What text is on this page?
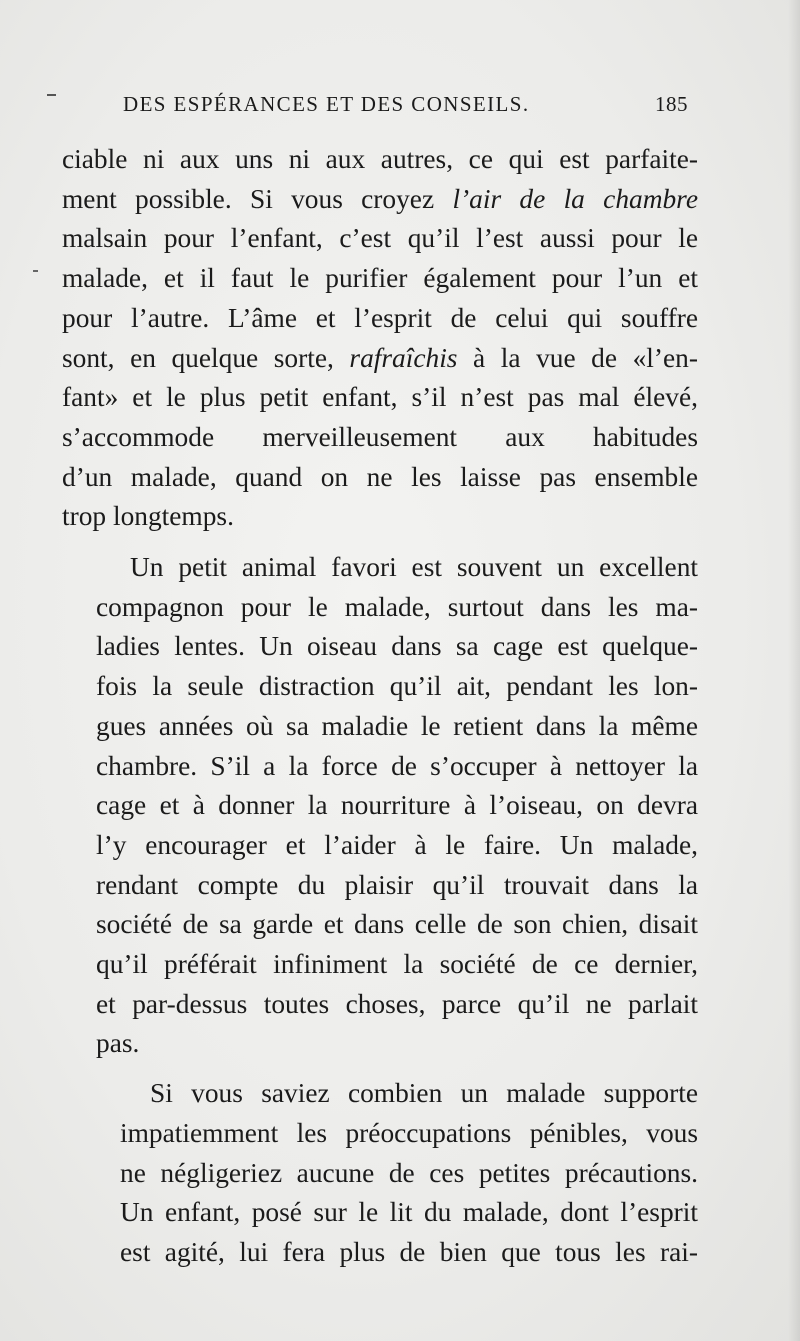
DES ESPÉRANCES ET DES CONSEILS.	185

ciable ni aux uns ni aux autres, ce qui est parfaite-
ment possible. Si vous croyez l’air de la chambre
malsain pour l’enfant, c’est qu’il l’est aussi pour le
malade, et il faut le purifier également pour l’un et
pour l’autre. L’âme et l’esprit de celui qui souffre
sont, en quelque sorte, rafraîchis à la vue de «l’en-
fant» et le plus petit enfant, s’il n’est pas mal élevé,
s’accommode merveilleusement aux habitudes
d’un malade, quand on ne les laisse pas ensemble
trop longtemps.

Un petit animal favori est souvent un excellent
compagnon pour le malade, surtout dans les ma-
ladies lentes. Un oiseau dans sa cage est quelque-
fois la seule distraction qu’il ait, pendant les lon-
gues années où sa maladie le retient dans la même
chambre. S’il a la force de s’occuper à nettoyer la
cage et à donner la nourriture à l’oiseau, on devra
l’y encourager et l’aider à le faire. Un malade,
rendant compte du plaisir qu’il trouvait dans la
société de sa garde et dans celle de son chien, disait
qu’il préférait infiniment la société de ce dernier,
et par-dessus toutes choses, parce qu’il ne parlait
pas.

Si vous saviez combien un malade supporte
impatiemment les préoccupations pénibles, vous
ne négligeriez aucune de ces petites précautions.
Un enfant, posé sur le lit du malade, dont l’esprit
est agité, lui fera plus de bien que tous les rai-
